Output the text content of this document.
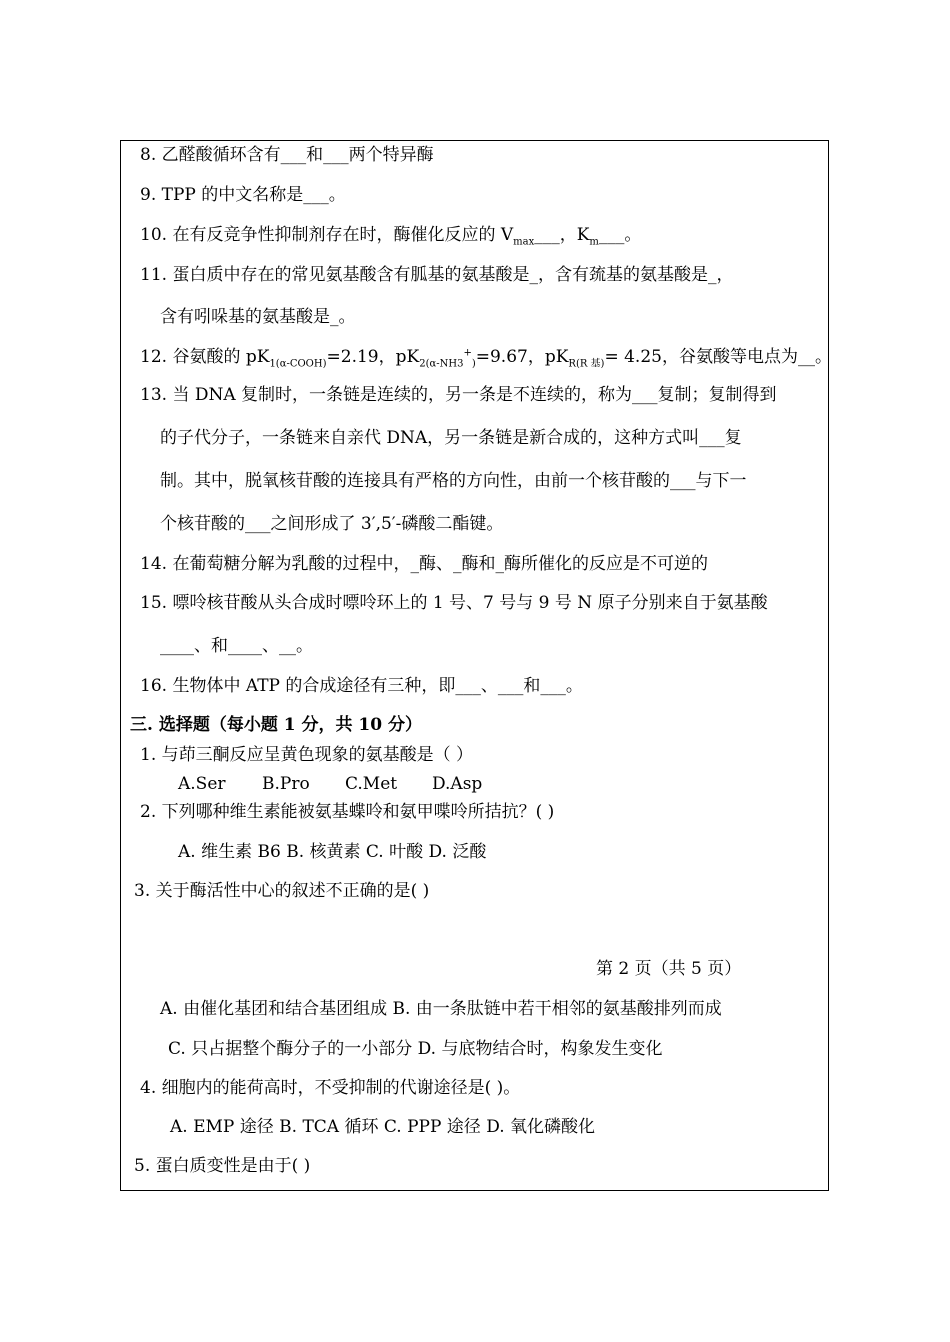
8. 乙醛酸循环含有___和___两个特异酶
9. TPP 的中文名称是___。
10. 在有反竞争性抑制剂存在时，酶催化反应的 $V_{max}\_\_\_$，$K_m\_\_\_$。
11. 蛋白质中存在的常见氨基酸含有胍基的氨基酸是_，含有巯基的氨基酸是_，
含有吲哚基的氨基酸是_。
12. 谷氨酸的 $pK_{1(\alpha-COOH)}=2.19$，$pK_{2(\alpha-NH3}^+_)=9.67$，$pK_{R(R 基)}= 4.25$，谷氨酸等电点为__。
13. 当 DNA 复制时，一条链是连续的，另一条是不连续的，称为___复制；复制得到
的子代分子，一条链来自亲代 DNA，另一条链是新合成的，这种方式叫___复
制。其中，脱氧核苷酸的连接具有严格的方向性，由前一个核苷酸的___与下一
个核苷酸的___之间形成了 3′,5′-磷酸二酯键。
14. 在葡萄糖分解为乳酸的过程中，_酶、_酶和_酶所催化的反应是不可逆的
15. 嘌呤核苷酸从头合成时嘌呤环上的 1 号、7 号与 9 号 N 原子分别来自于氨基酸
____、和____、__。
16. 生物体中 ATP 的合成途径有三种，即___、___和___。
三. 选择题（每小题 1 分，共 10 分）
1. 与茚三酮反应呈黄色现象的氨基酸是（ ）
A.Ser B.Pro C.Met D.Asp
2. 下列哪种维生素能被氨基蝶呤和氨甲喋呤所拮抗？( )
A. 维生素 B6 B. 核黄素 C. 叶酸 D. 泛酸
3. 关于酶活性中心的叙述不正确的是( )
第 2 页（共 5 页）
A. 由催化基团和结合基团组成 B. 由一条肽链中若干相邻的氨基酸排列而成
C. 只占据整个酶分子的一小部分 D. 与底物结合时，构象发生变化
4. 细胞内的能荷高时，不受抑制的代谢途径是( )。
A. EMP 途径 B. TCA 循环 C. PPP 途径 D. 氧化磷酸化
5. 蛋白质变性是由于( )
